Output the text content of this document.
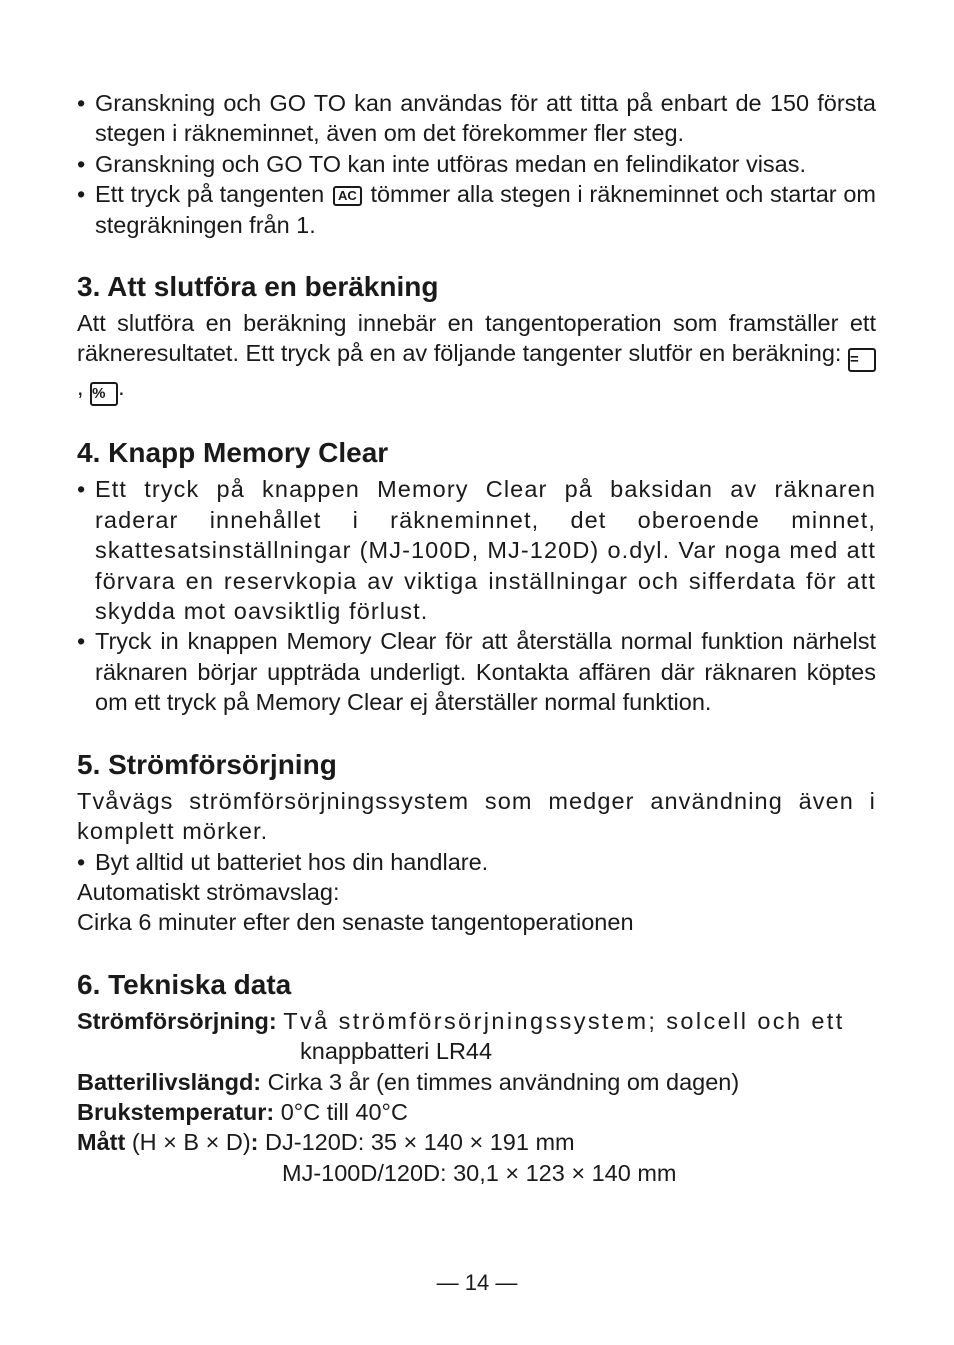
• Granskning och GO TO kan användas för att titta på enbart de 150 första stegen i räkneminnet, även om det förekommer fler steg.
• Granskning och GO TO kan inte utföras medan en felindikator visas.
• Ett tryck på tangenten AC tömmer alla stegen i räkneminnet och startar om stegräkningen från 1.
3. Att slutföra en beräkning

Att slutföra en beräkning innebär en tangentoperation som framställer ett räkneresultatet. Ett tryck på en av följande tangenter slutför en beräkning: =, % .

4. Knapp Memory Clear
• Ett tryck på knappen Memory Clear på baksidan av räknaren raderar innehållet i räkneminnet, det oberoende minnet, skattesatsinställningar (MJ-100D, MJ-120D) o.dyl. Var noga med att förvara en reservkopia av viktiga inställningar och sifferdata för att skydda mot oavsiktlig förlust.
• Tryck in knappen Memory Clear för att återställa normal funktion närhelst räknaren börjar uppträda underligt. Kontakta affären där räknaren köptes om ett tryck på Memory Clear ej återställer normal funktion.
5. Strömförsörjning

Tvåvägs strömförsörjningssystem som medger användning även i komplett mörker.

• Byt alltid ut batteriet hos din handlare.

Automatiskt strömavslag:

Cirka 6 minuter efter den senaste tangentoperationen

6. Tekniska data

Strömförsörjning: Två strömförsörjningssystem; solcell och ett

knappbatteri LR44

Batterilivslängd: Cirka 3 år (en timmes användning om dagen)

Brukstemperatur: 0°C till 40°C

Mått (H × B × D): DJ-120D: 35 × 140 × 191 mm

MJ-100D/120D: 30,1 × 123 × 140 mm

— 14 —
